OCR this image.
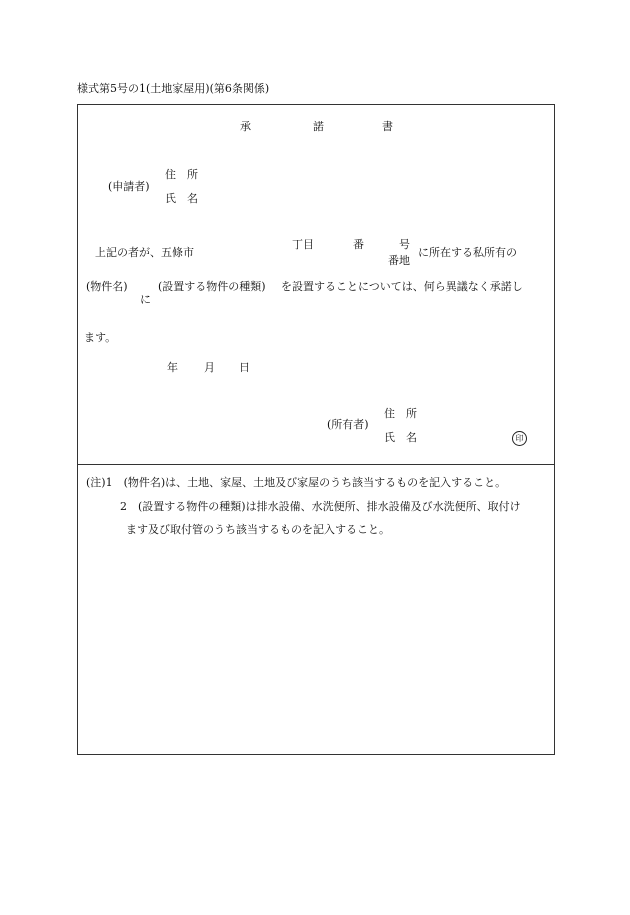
様式第5号の1(土地家屋用)(第6条関係)
承	諾	書
(申請者)
住　所
氏　名
上記の者が、五條市
丁目	番	号
番地
に所在する私所有の
(物件名)
に
(設置する物件の種類) を設置することについては、何ら異議なく承諾し
ます。
年 月 日
(所有者)
住　所
氏　名	印
(注)1　(物件名)は、土地、家屋、土地及び家屋のうち該当するものを記入すること。
2　(設置する物件の種類)は排水設備、水洗便所、排水設備及び水洗便所、取付け
ます及び取付管のうち該当するものを記入すること。
